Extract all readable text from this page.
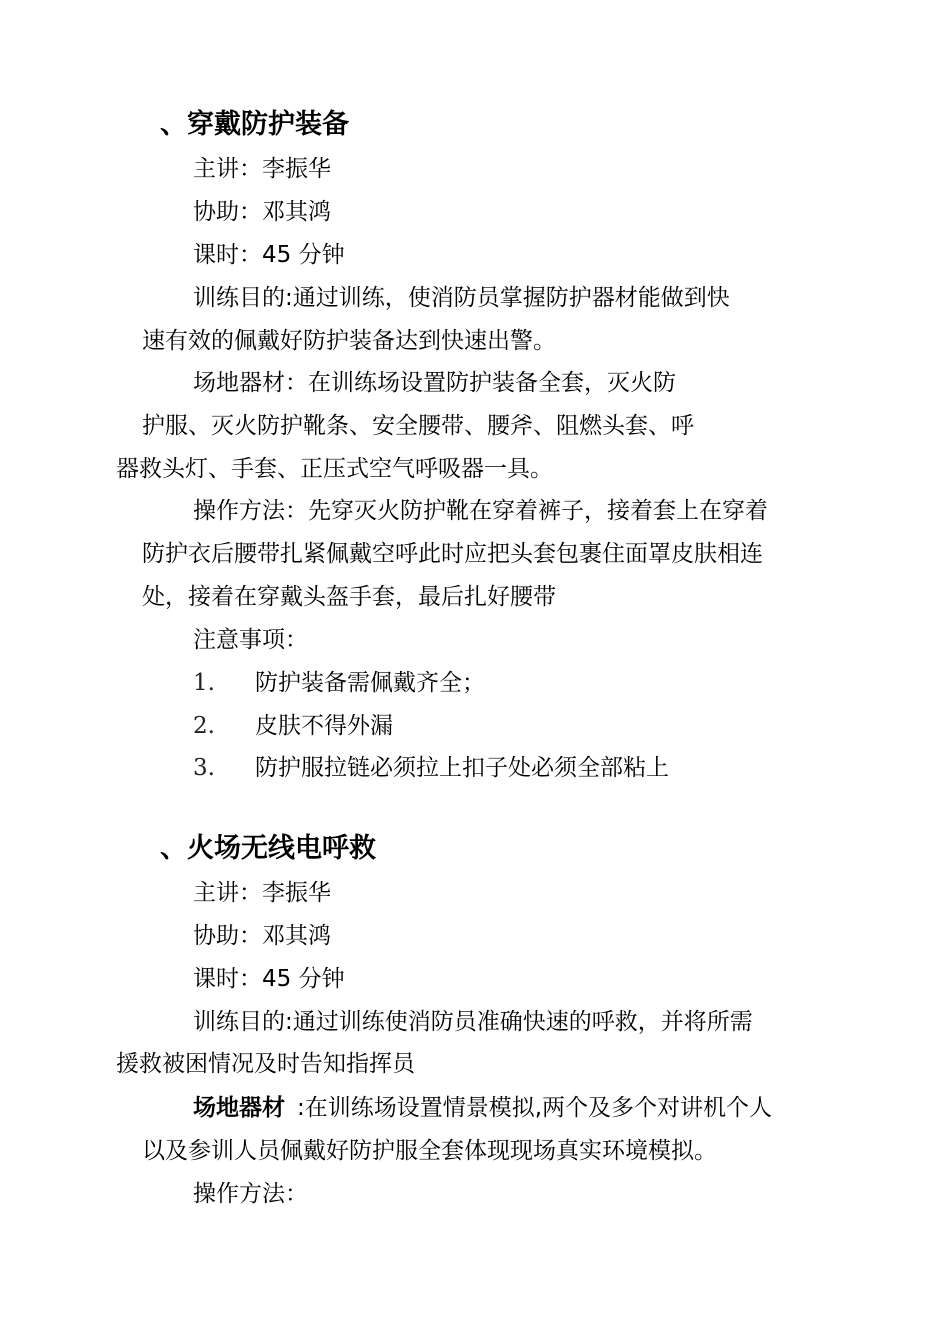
、穿戴防护装备
主讲：李振华
协助：邓其鸿
课时：45 分钟
训练目的:通过训练，使消防员掌握防护器材能做到快
速有效的佩戴好防护装备达到快速出警。
场地器材：在训练场设置防护装备全套，灭火防
护服、灭火防护靴条、安全腰带、腰斧、阻燃头套、呼
器救头灯、手套、正压式空气呼吸器一具。
操作方法：先穿灭火防护靴在穿着裤子，接着套上在穿着
防护衣后腰带扎紧佩戴空呼此时应把头套包裹住面罩皮肤相连
处，接着在穿戴头盔手套，最后扎好腰带
注意事项：
1. 防护装备需佩戴齐全；
2. 皮肤不得外漏
3. 防护服拉链必须拉上扣子处必须全部粘上
、火场无线电呼救
主讲：李振华
协助：邓其鸿
课时：45 分钟
训练目的:通过训练使消防员准确快速的呼救，并将所需
援救被困情况及时告知指挥员
场地器材 :在训练场设置情景模拟,两个及多个对讲机个人
以及参训人员佩戴好防护服全套体现现场真实环境模拟。
操作方法：
